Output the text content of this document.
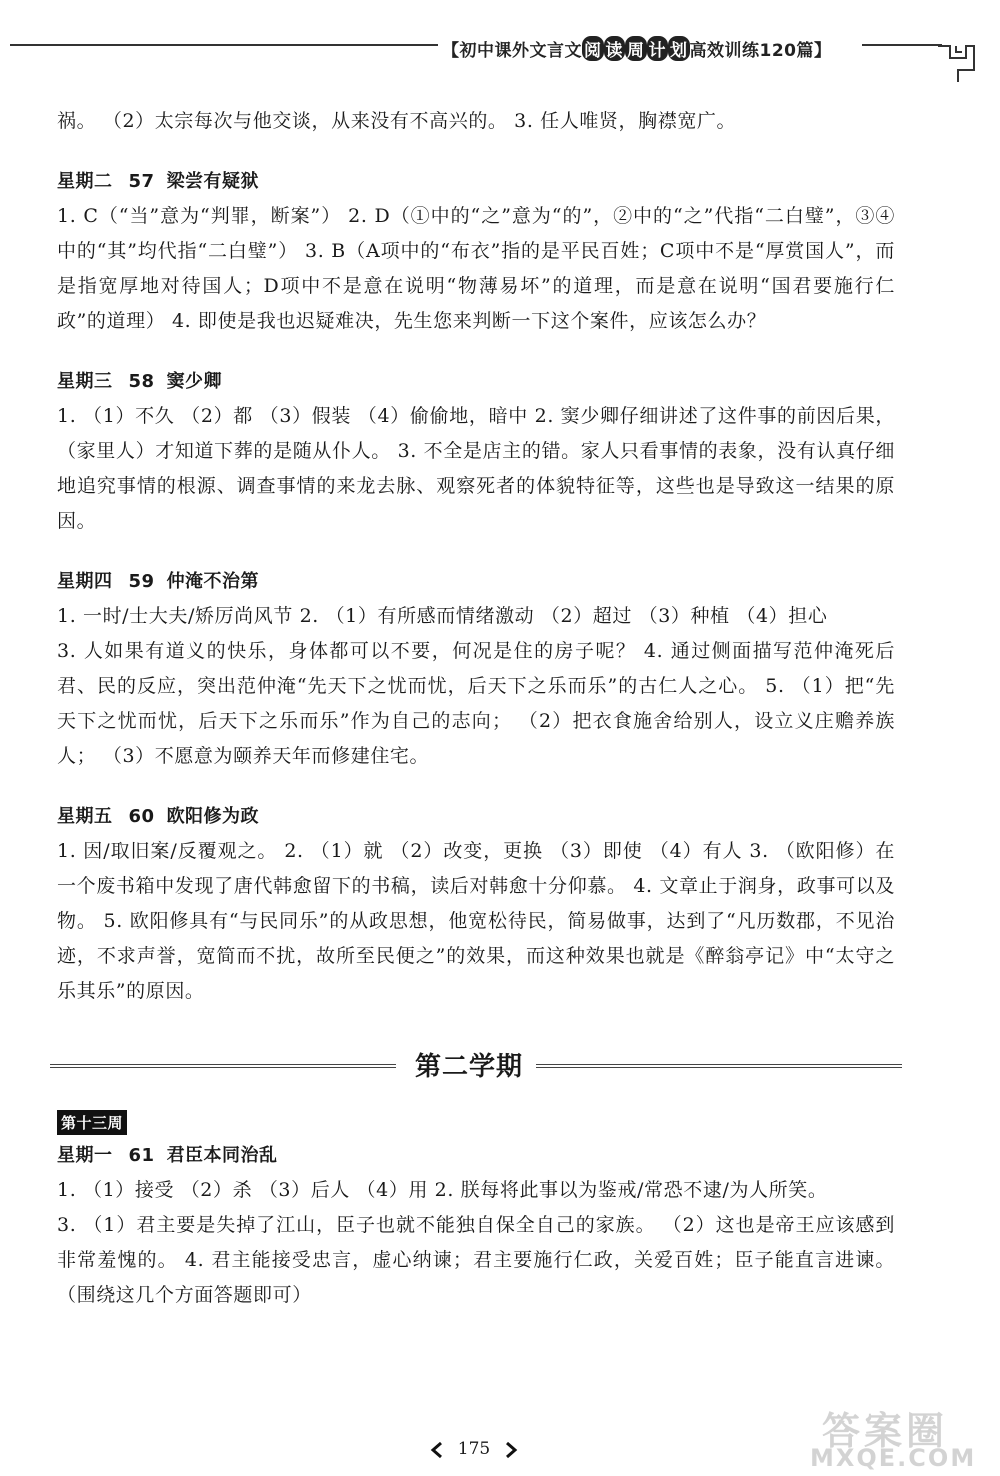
【初中课外文言文 阅 读 周 计 划 高效训练120篇】

祸。 （2）太宗每次与他交谈，从来没有不高兴的。 3. 任人唯贤，胸襟宽广。

星期二 57 梁尝有疑狱

1. C（“当”意为“判罪，断案”） 2. D（①中的“之”意为“的”，②中的“之”代指“二白璧”，③④中的“其”均代指“二白璧”） 3. B（A项中的“布衣”指的是平民百姓；C项中不是“厚赏国人”，而是指宽厚地对待国人；D项中不是意在说明“物薄易坏”的道理，而是意在说明“国君要施行仁政”的道理） 4. 即使是我也迟疑难决，先生您来判断一下这个案件，应该怎么办？

星期三 58 窦少卿

1. （1）不久 （2）都 （3）假装 （4）偷偷地，暗中 2. 窦少卿仔细讲述了这件事的前因后果，（家里人）才知道下葬的是随从仆人。 3. 不全是店主的错。家人只看事情的表象，没有认真仔细地追究事情的根源、调查事情的来龙去脉、观察死者的体貌特征等，这些也是导致这一结果的原因。

星期四 59 仲淹不治第

1. 一时/士大夫/矫厉尚风节 2. （1）有所感而情绪激动 （2）超过 （3）种植 （4）担心

3. 人如果有道义的快乐，身体都可以不要，何况是住的房子呢？ 4. 通过侧面描写范仲淹死后君、民的反应，突出范仲淹“先天下之忧而忧，后天下之乐而乐”的古仁人之心。 5. （1）把“先天下之忧而忧，后天下之乐而乐”作为自己的志向； （2）把衣食施舍给别人，设立义庄赡养族人； （3）不愿意为颐养天年而修建住宅。

星期五 60 欧阳修为政

1. 因/取旧案/反覆观之。 2. （1）就 （2）改变，更换 （3）即使 （4）有人 3. （欧阳修）在一个废书箱中发现了唐代韩愈留下的书稿，读后对韩愈十分仰慕。 4. 文章止于润身，政事可以及物。 5. 欧阳修具有“与民同乐”的从政思想，他宽松待民，简易做事，达到了“凡历数郡，不见治迹，不求声誉，宽简而不扰，故所至民便之”的效果，而这种效果也就是《醉翁亭记》中“太守之乐其乐”的原因。

第二学期
第十三周
星期一 61 君臣本同治乱

1. （1）接受 （2）杀 （3）后人 （4）用 2. 朕每将此事以为鉴戒/常恐不逮/为人所笑。

3. （1）君主要是失掉了江山，臣子也就不能独自保全自己的家族。 （2）这也是帝王应该感到非常羞愧的。 4. 君主能接受忠言，虚心纳谏；君主要施行仁政，关爱百姓；臣子能直言进谏。（围绕这几个方面答题即可）

175	答案圈
MXQE.COM
